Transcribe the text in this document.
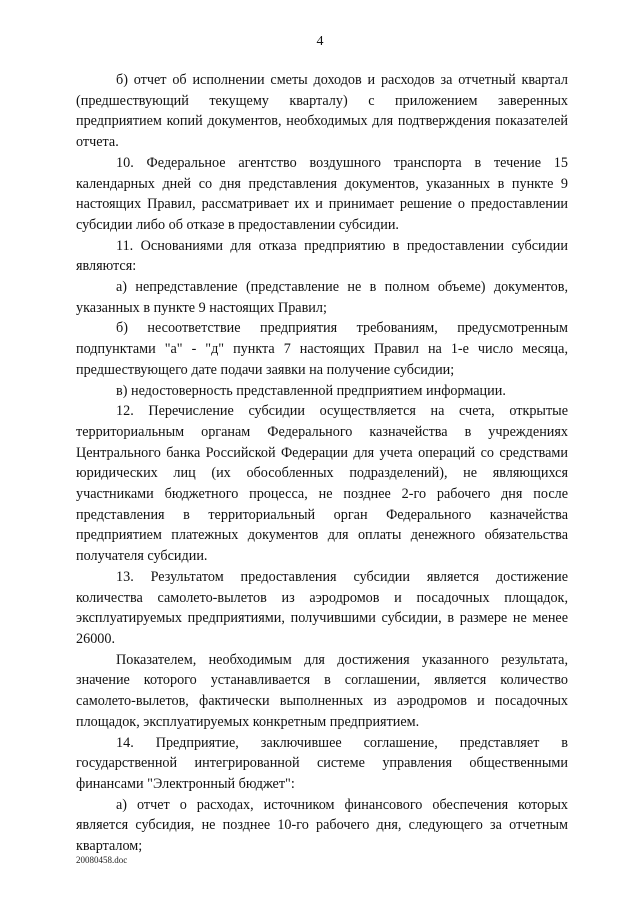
4

б) отчет об исполнении сметы доходов и расходов за отчетный квартал (предшествующий текущему кварталу) с приложением заверенных предприятием копий документов, необходимых для подтверждения показателей отчета.

10. Федеральное агентство воздушного транспорта в течение 15 календарных дней со дня представления документов, указанных в пункте 9 настоящих Правил, рассматривает их и принимает решение о предоставлении субсидии либо об отказе в предоставлении субсидии.

11. Основаниями для отказа предприятию в предоставлении субсидии являются:

а) непредставление (представление не в полном объеме) документов, указанных в пункте 9 настоящих Правил;

б) несоответствие предприятия требованиям, предусмотренным подпунктами "а" - "д" пункта 7 настоящих Правил на 1-е число месяца, предшествующего дате подачи заявки на получение субсидии;

в) недостоверность представленной предприятием информации.

12. Перечисление субсидии осуществляется на счета, открытые территориальным органам Федерального казначейства в учреждениях Центрального банка Российской Федерации для учета операций со средствами юридических лиц (их обособленных подразделений), не являющихся участниками бюджетного процесса, не позднее 2-го рабочего дня после представления в территориальный орган Федерального казначейства предприятием платежных документов для оплаты денежного обязательства получателя субсидии.

13. Результатом предоставления субсидии является достижение количества самолето-вылетов из аэродромов и посадочных площадок, эксплуатируемых предприятиями, получившими субсидии, в размере не менее 26000.

Показателем, необходимым для достижения указанного результата, значение которого устанавливается в соглашении, является количество самолето-вылетов, фактически выполненных из аэродромов и посадочных площадок, эксплуатируемых конкретным предприятием.

14. Предприятие, заключившее соглашение, представляет в государственной интегрированной системе управления общественными финансами "Электронный бюджет":

а) отчет о расходах, источником финансового обеспечения которых является субсидия, не позднее 10-го рабочего дня, следующего за отчетным кварталом;

20080458.doc
